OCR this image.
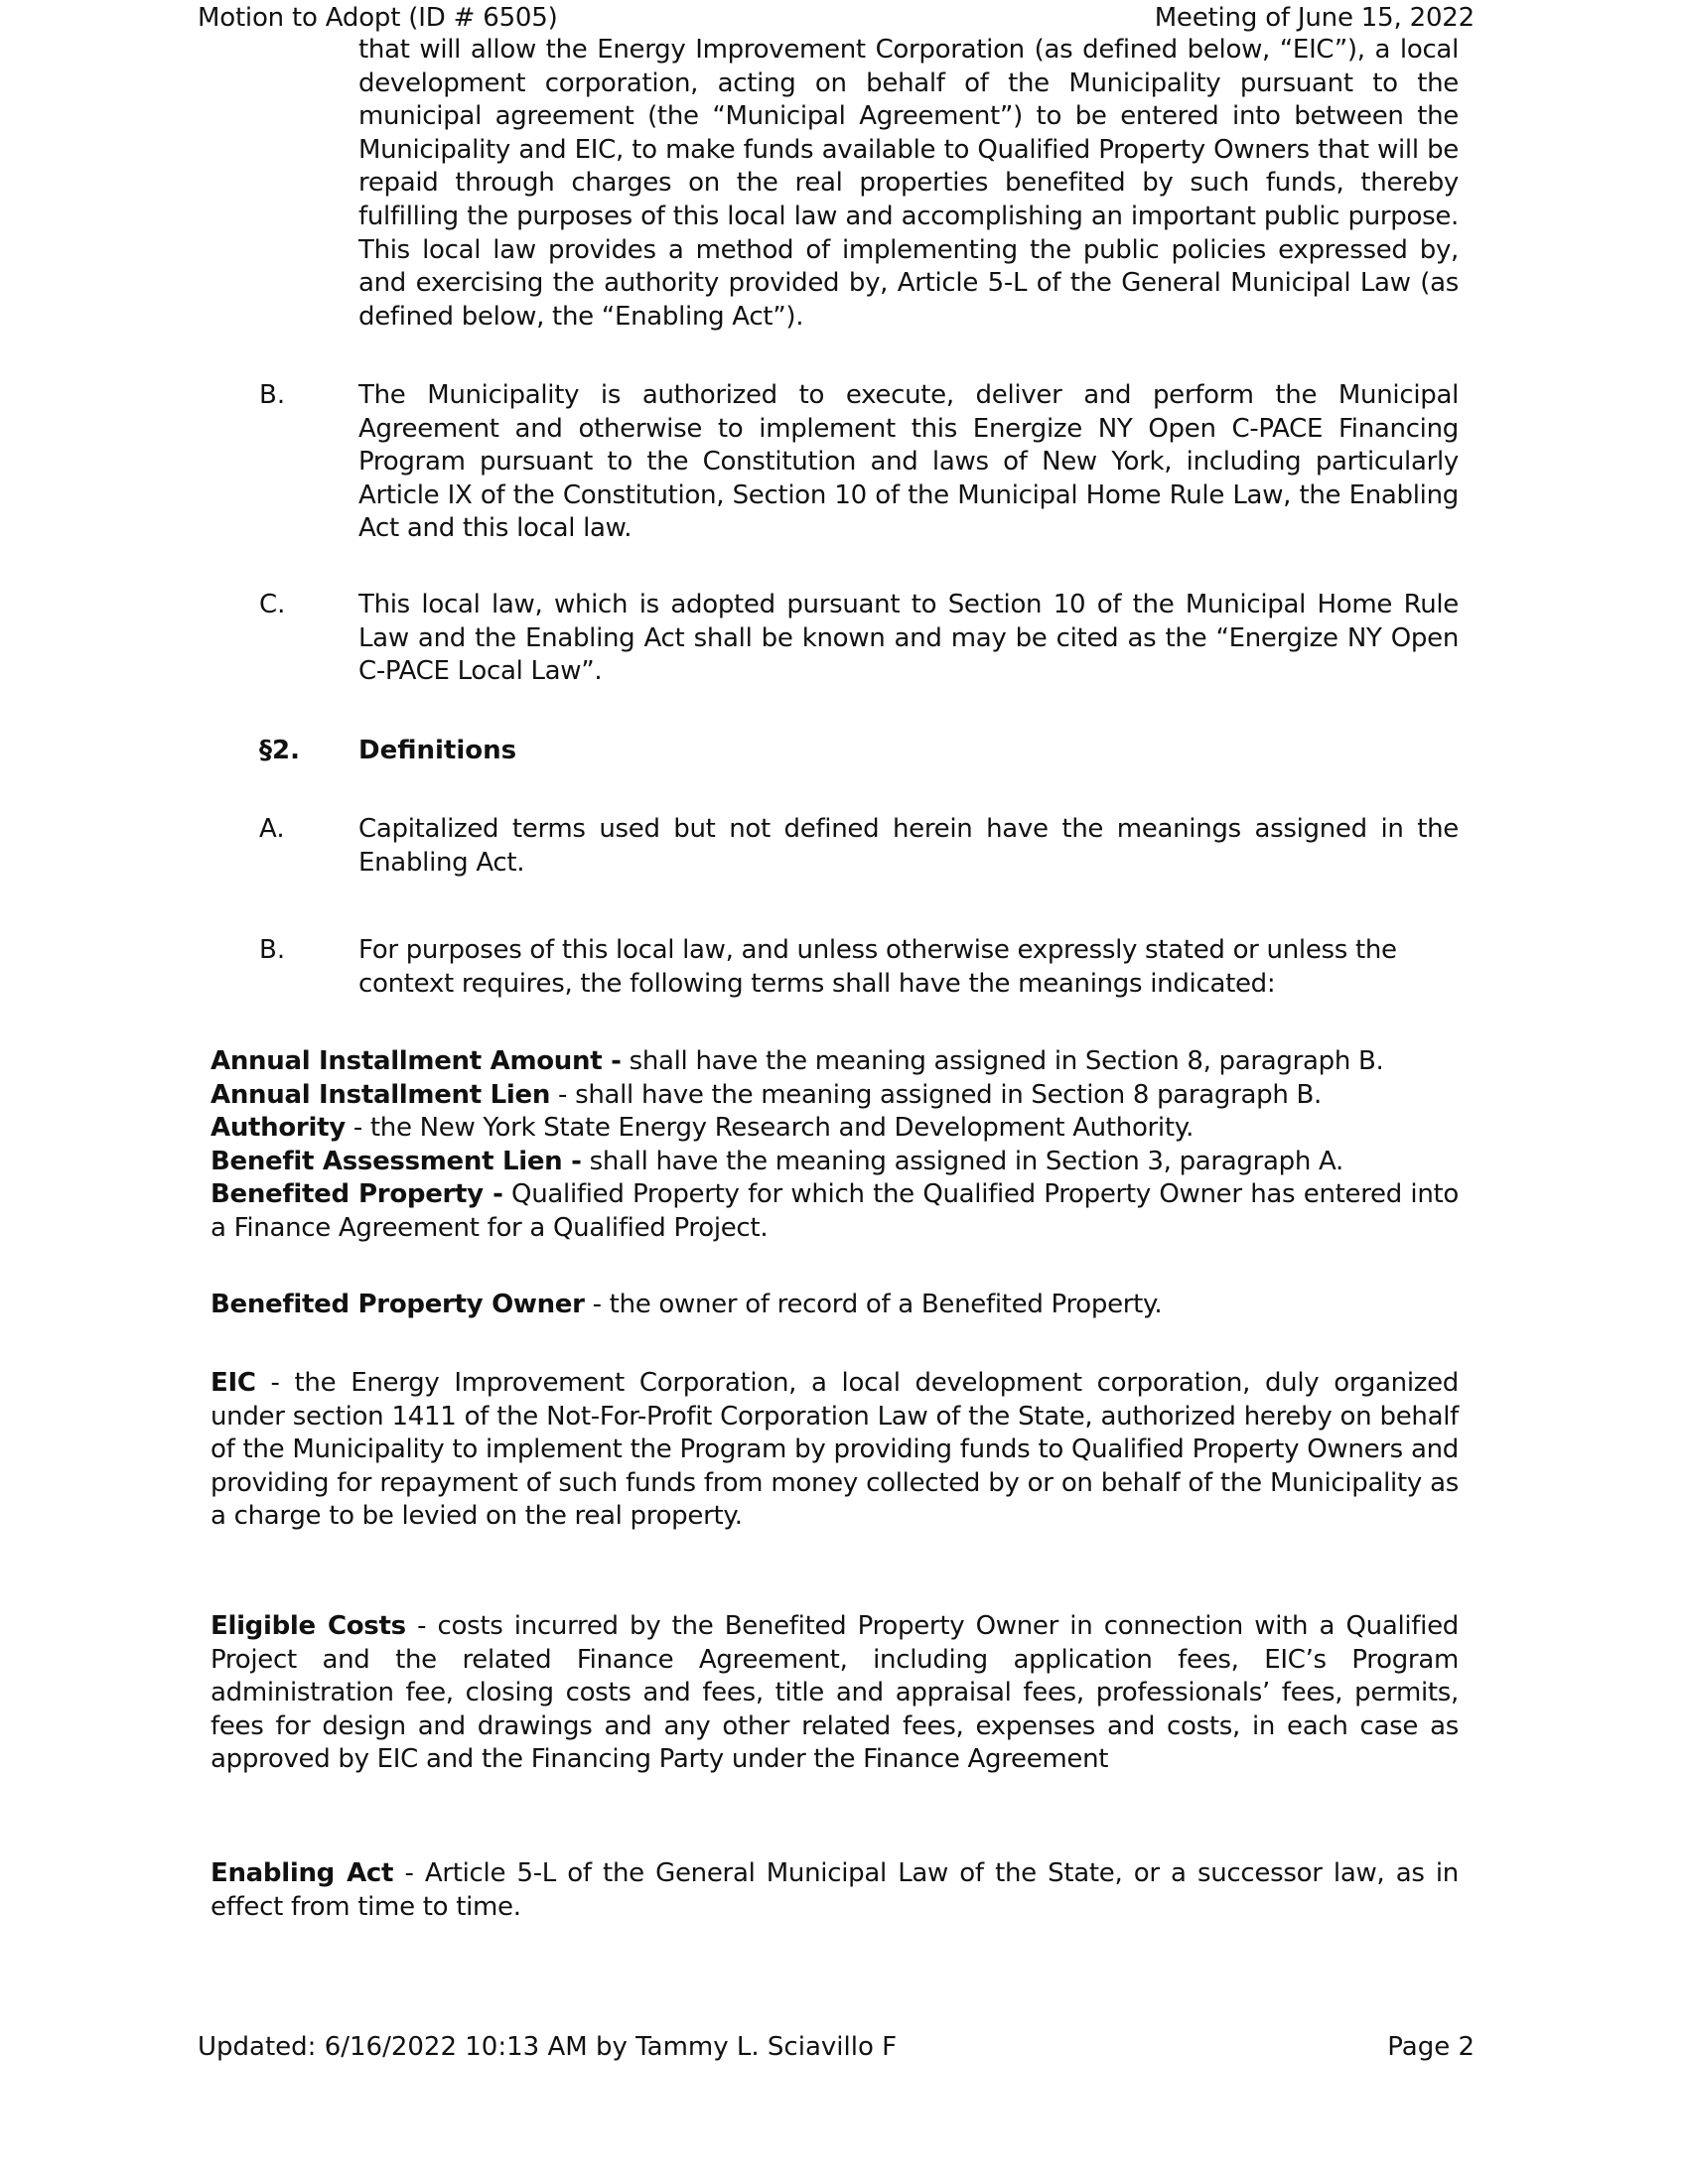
Motion to Adopt (ID # 6505)	Meeting of June 15, 2022
that will allow the Energy Improvement Corporation (as defined below, “EIC”), a local development corporation, acting on behalf of the Municipality pursuant to the municipal agreement (the “Municipal Agreement”) to be entered into between the Municipality and EIC, to make funds available to Qualified Property Owners that will be repaid through charges on the real properties benefited by such funds, thereby fulfilling the purposes of this local law and accomplishing an important public purpose. This local law provides a method of implementing the public policies expressed by, and exercising the authority provided by, Article 5-L of the General Municipal Law (as defined below, the “Enabling Act”).
B.	The Municipality is authorized to execute, deliver and perform the Municipal Agreement and otherwise to implement this Energize NY Open C-PACE Financing Program pursuant to the Constitution and laws of New York, including particularly Article IX of the Constitution, Section 10 of the Municipal Home Rule Law, the Enabling Act and this local law.
C.	This local law, which is adopted pursuant to Section 10 of the Municipal Home Rule Law and the Enabling Act shall be known and may be cited as the “Energize NY Open C-PACE Local Law”.
§2. Definitions
A.	Capitalized terms used but not defined herein have the meanings assigned in the Enabling Act.
B.	For purposes of this local law, and unless otherwise expressly stated or unless the context requires, the following terms shall have the meanings indicated:
Annual Installment Amount - shall have the meaning assigned in Section 8, paragraph B. Annual Installment Lien - shall have the meaning assigned in Section 8 paragraph B. Authority - the New York State Energy Research and Development Authority.
Benefit Assessment Lien - shall have the meaning assigned in Section 3, paragraph A.
Benefited Property - Qualified Property for which the Qualified Property Owner has entered into a Finance Agreement for a Qualified Project.
Benefited Property Owner - the owner of record of a Benefited Property.
EIC - the Energy Improvement Corporation, a local development corporation, duly organized under section 1411 of the Not-For-Profit Corporation Law of the State, authorized hereby on behalf of the Municipality to implement the Program by providing funds to Qualified Property Owners and providing for repayment of such funds from money collected by or on behalf of the Municipality as a charge to be levied on the real property.
Eligible Costs - costs incurred by the Benefited Property Owner in connection with a Qualified Project and the related Finance Agreement, including application fees, EIC’s Program administration fee, closing costs and fees, title and appraisal fees, professionals’ fees, permits, fees for design and drawings and any other related fees, expenses and costs, in each case as approved by EIC and the Financing Party under the Finance Agreement
Enabling Act - Article 5-L of the General Municipal Law of the State, or a successor law, as in effect from time to time.
Updated: 6/16/2022 10:13 AM by Tammy L. Sciavillo F	Page 2
